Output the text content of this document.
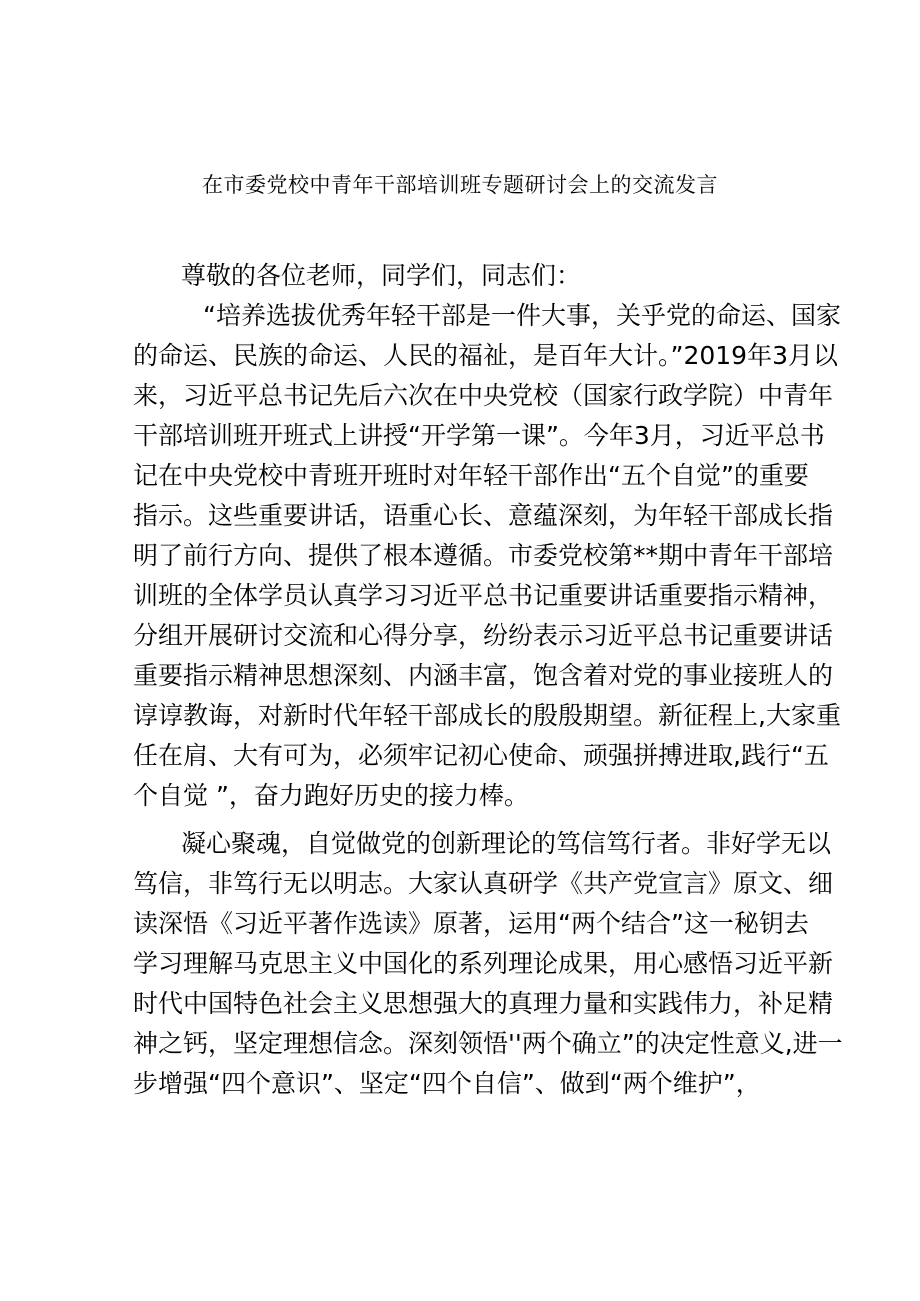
在市委党校中青年干部培训班专题研讨会上的交流发言
尊敬的各位老师，同学们，同志们：
“培养选拔优秀年轻干部是一件大事，关乎党的命运、国家
的命运、民族的命运、人民的福祉，是百年大计。”2019年3月以
来，习近平总书记先后六次在中央党校（国家行政学院）中青年
干部培训班开班式上讲授“开学第一课”。今年3月，习近平总书
记在中央党校中青班开班时对年轻干部作出“五个自觉”的重要
指示。这些重要讲话，语重心长、意蕴深刻，为年轻干部成长指
明了前行方向、提供了根本遵循。市委党校第**期中青年干部培
训班的全体学员认真学习习近平总书记重要讲话重要指示精神，
分组开展研讨交流和心得分享，纷纷表示习近平总书记重要讲话
重要指示精神思想深刻、内涵丰富，饱含着对党的事业接班人的
谆谆教诲，对新时代年轻干部成长的殷殷期望。新征程上,大家重
任在肩、大有可为，必须牢记初心使命、顽强拼搏进取,践行“五
个自觉 ”，奋力跑好历史的接力棒。
凝心聚魂，自觉做党的创新理论的笃信笃行者。非好学无以
笃信，非笃行无以明志。大家认真研学《共产党宣言》原文、细
读深悟《习近平著作选读》原著，运用“两个结合”这一秘钥去
学习理解马克思主义中国化的系列理论成果，用心感悟习近平新
时代中国特色社会主义思想强大的真理力量和实践伟力，补足精
神之钙，坚定理想信念。深刻领悟''两个确立”的决定性意义,进一
步增强“四个意识”、坚定“四个自信”、做到“两个维护”，
